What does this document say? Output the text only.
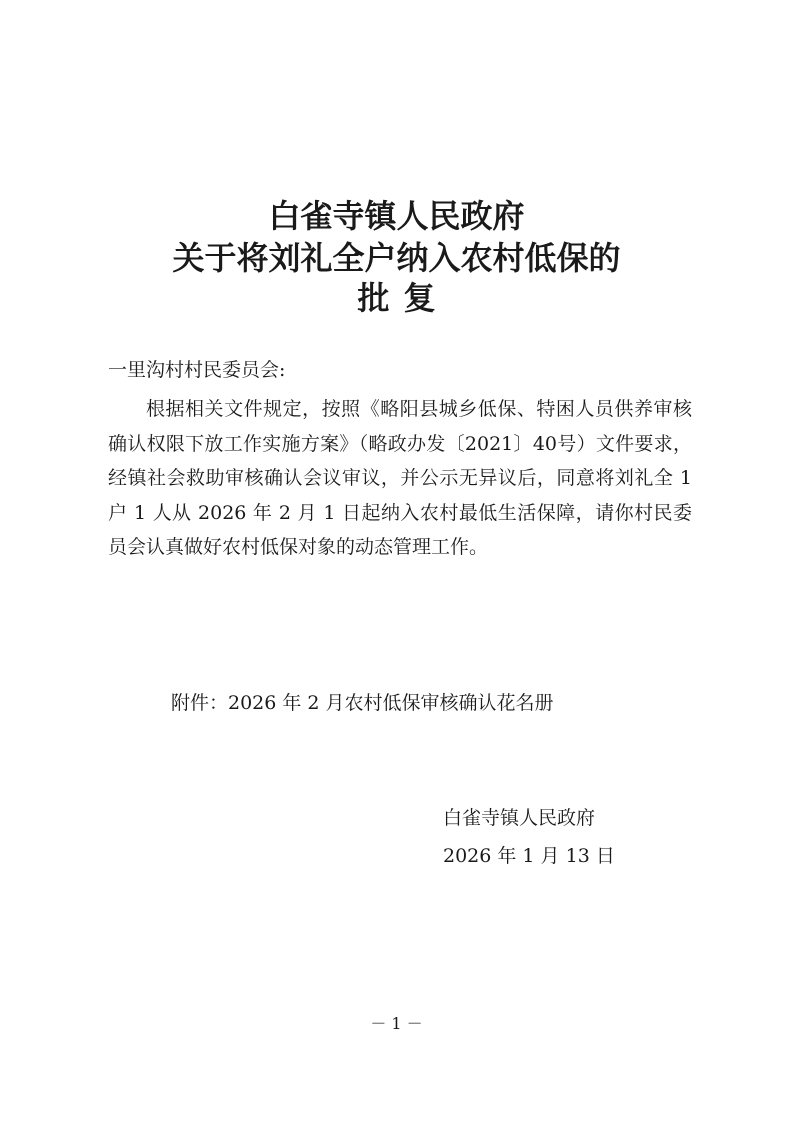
白雀寺镇人民政府
关于将刘礼全户纳入农村低保的
批复
一里沟村村民委员会:

根据相关文件规定，按照《略阳县城乡低保、特困人员供养审核确认权限下放工作实施方案》（略政办发〔2021〕40号）文件要求，经镇社会救助审核确认会议审议，并公示无异议后，同意将刘礼全 1 户 1 人从 2026 年 2 月 1 日起纳入农村最低生活保障，请你村民委员会认真做好农村低保对象的动态管理工作。

附件：2026 年 2 月农村低保审核确认花名册
白雀寺镇人民政府
2026 年 1 月 13 日
－ 1 －
